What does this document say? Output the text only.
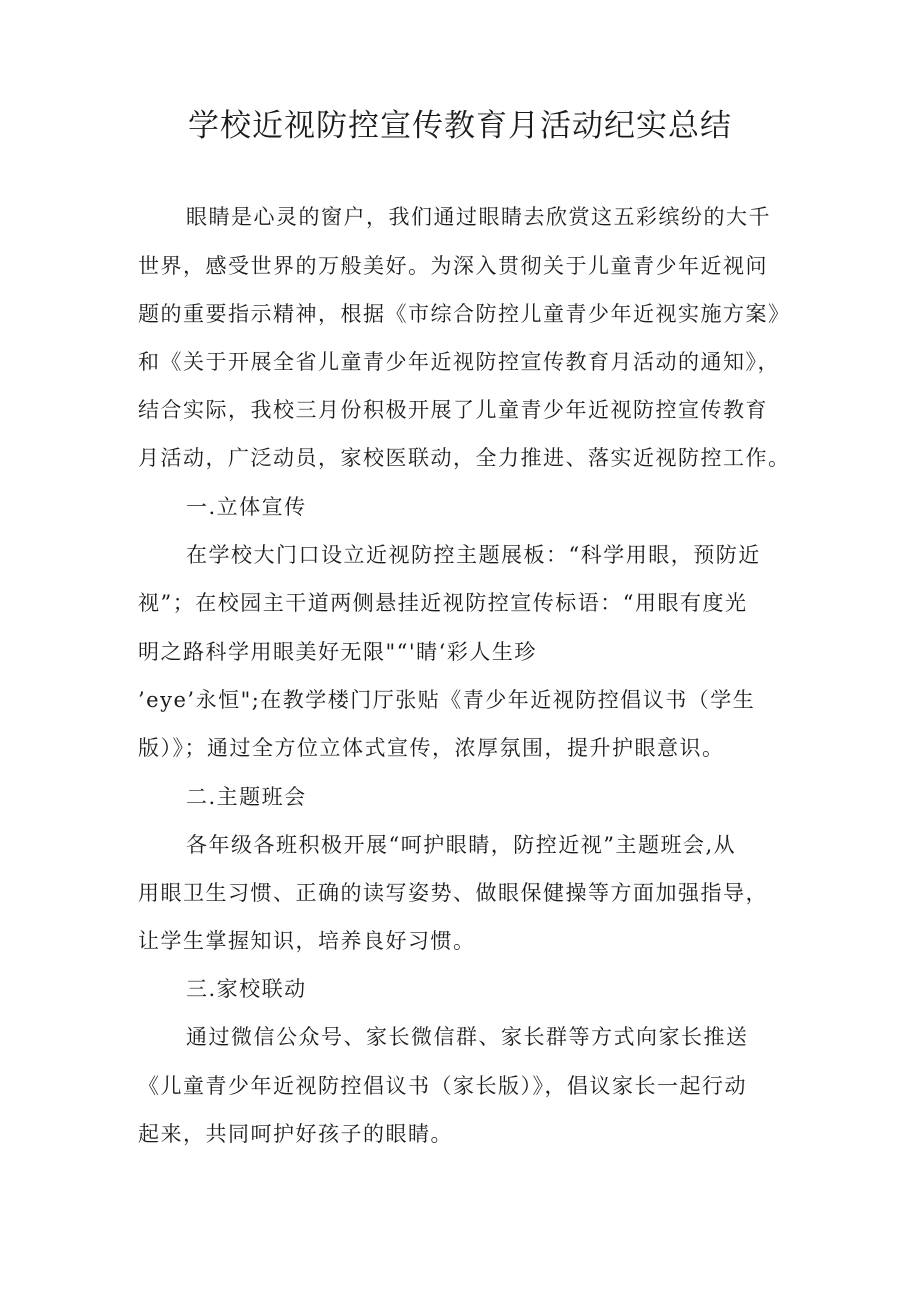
学校近视防控宣传教育月活动纪实总结
眼睛是心灵的窗户，我们通过眼睛去欣赏这五彩缤纷的大千
世界，感受世界的万般美好。为深入贯彻关于儿童青少年近视问
题的重要指示精神，根据《市综合防控儿童青少年近视实施方案》
和《关于开展全省儿童青少年近视防控宣传教育月活动的通知》，
结合实际，我校三月份积极开展了儿童青少年近视防控宣传教育
月活动，广泛动员，家校医联动，全力推进、落实近视防控工作。
一.立体宣传
在学校大门口设立近视防控主题展板：“科学用眼，预防近
视”；在校园主干道两侧悬挂近视防控宣传标语：“用眼有度光
明之路科学用眼美好无限"“'睛‘彩人生珍
’eye’永恒";在教学楼门厅张贴《青少年近视防控倡议书（学生
版）》；通过全方位立体式宣传，浓厚氛围，提升护眼意识。
二.主题班会
各年级各班积极开展“呵护眼睛，防控近视”主题班会,从
用眼卫生习惯、正确的读写姿势、做眼保健操等方面加强指导，
让学生掌握知识，培养良好习惯。
三.家校联动
通过微信公众号、家长微信群、家长群等方式向家长推送
《儿童青少年近视防控倡议书（家长版）》，倡议家长一起行动
起来，共同呵护好孩子的眼睛。
